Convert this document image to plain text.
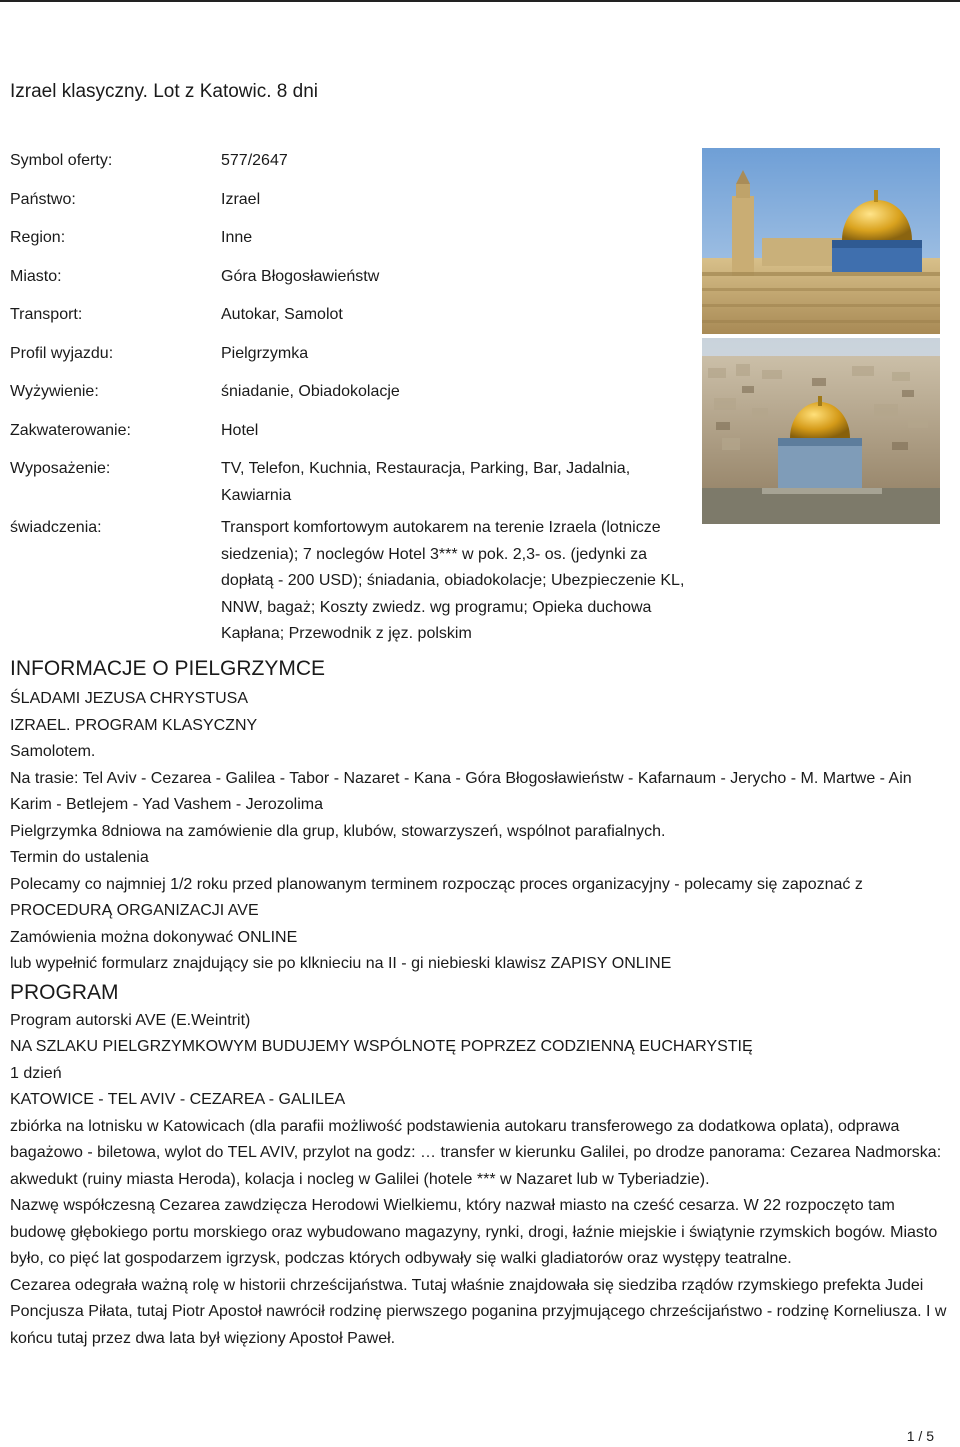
Izrael klasyczny. Lot z Katowic. 8 dni
Symbol oferty:	577/2647
Państwo:	Izrael
Region:	Inne
Miasto:	Góra Błogosławieństw
Transport:	Autokar, Samolot
Profil wyjazdu:	Pielgrzymka
Wyżywienie:	śniadanie, Obiadokolacje
Zakwaterowanie:	Hotel
Wyposażenie:	TV, Telefon, Kuchnia, Restauracja, Parking, Bar, Jadalnia, Kawiarnia
świadczenia:	Transport komfortowym autokarem na terenie Izraela (lotnicze siedzenia); 7 noclegów Hotel 3*** w pok. 2,3- os. (jedynki za dopłatą - 200 USD); śniadania, obiadokolacje; Ubezpieczenie KL, NNW, bagaż; Koszty zwiedz. wg programu; Opieka duchowa Kapłana; Przewodnik z jęz. polskim
INFORMACJE O PIELGRZYMCE

ŚLADAMI JEZUSA CHRYSTUSA

IZRAEL. PROGRAM KLASYCZNY

Samolotem.

Na trasie: Tel Aviv - Cezarea - Galilea - Tabor - Nazaret - Kana - Góra Błogosławieństw - Kafarnaum - Jerycho - M. Martwe - Ain Karim - Betlejem - Yad Vashem - Jerozolima

Pielgrzymka 8dniowa na zamówienie dla grup, klubów, stowarzyszeń, wspólnot parafialnych.

Termin do ustalenia

Polecamy co najmniej 1/2 roku przed planowanym terminem rozpocząc proces organizacyjny - polecamy się zapoznać z PROCEDURĄ ORGANIZACJI AVE

Zamówienia można dokonywać ONLINE

lub wypełnić formularz znajdujący sie po klknieciu na II - gi niebieski klawisz ZAPISY ONLINE

PROGRAM

Program autorski AVE (E.Weintrit)

NA SZLAKU PIELGRZYMKOWYM BUDUJEMY WSPÓLNOTĘ POPRZEZ CODZIENNĄ EUCHARYSTIĘ

1 dzień

KATOWICE - TEL AVIV - CEZAREA - GALILEA

zbiórka na lotnisku w Katowicach (dla parafii możliwość podstawienia autokaru transferowego za dodatkowa oplata), odprawa bagażowo - biletowa, wylot do TEL AVIV, przylot na godz: … transfer w kierunku Galilei, po drodze panorama: Cezarea Nadmorska: akwedukt (ruiny miasta Heroda), kolacja i nocleg w Galilei (hotele *** w Nazaret lub w Tyberiadzie).

Nazwę współczesną Cezarea zawdzięcza Herodowi Wielkiemu, który nazwał miasto na cześć cesarza. W 22 rozpoczęto tam budowę głębokiego portu morskiego oraz wybudowano magazyny, rynki, drogi, łaźnie miejskie i świątynie rzymskich bogów. Miasto było, co pięć lat gospodarzem igrzysk, podczas których odbywały się walki gladiatorów oraz występy teatralne.

Cezarea odegrała ważną rolę w historii chrześcijaństwa. Tutaj właśnie znajdowała się siedziba rządów rzymskiego prefekta Judei Poncjusza Piłata, tutaj Piotr Apostoł nawrócił rodzinę pierwszego poganina przyjmującego chrześcijaństwo - rodzinę Korneliusza. I w końcu tutaj przez dwa lata był więziony Apostoł Paweł.

1 / 5
